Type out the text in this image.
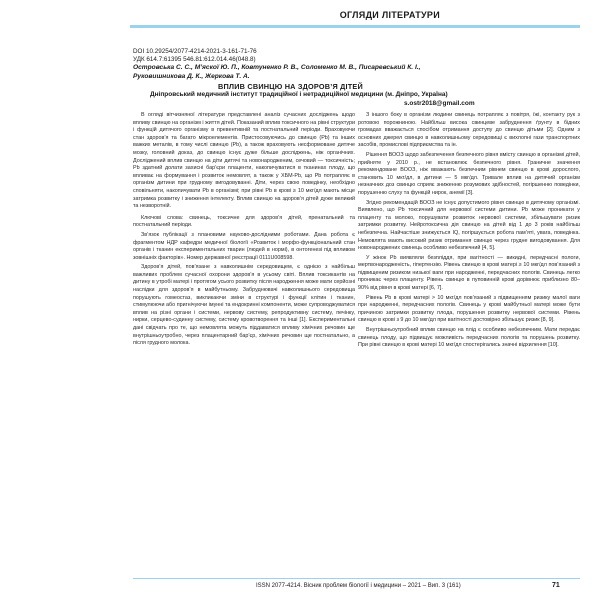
ОГЛЯДИ ЛІТЕРАТУРИ
DOI 10.29254/2077-4214-2021-3-161-71-76
УДК 614.7:61395 546.81:612.014.46(048.8)
Островська С. С., М’яскої Ю. П., Ковтуненко Р. В., Соломенко М. В., Писаревський К. І., Руковишникова Д. К., Жеркова Т. А.
ВПЛИВ СВИНЦЮ НА ЗДОРОВ’Я ДІТЕЙ
Дніпровський медичний інститут традиційної і нетрадиційної медицини (м. Дніпро, Україна)
s.ostr2018@gmail.com

В огляді вітчизняної літератури представлені аналіз сучасних досліджень щодо впливу свинцю на організм і життя дітей. Показаний вплив токсичного на рівні структури і функцій дитячого організму в превентивній та постнатальний періоди. Враховуючи стан здоров’я та багато мікроелементів. Пристосовуючись до свинцю (Pb) та інших важких металів, в тому числі свинцю (Pb), а також враховують несформоване дитяче мозку, головний доказ, до свинцю існує дуже більше досліджень, ніж органічних. Досліджений вплив свинцю на діти дитячі та новонародженим, сечовий — токсичність; Pb здатний долати захисні бар’єри плаценти, накопичуватися в тканинах плоду, що впливає на формування і розвиток немовлят, а також у ХБМ-Pb, що Pb потрапляє в організм дитини при грудному вигодовуванні. Діти, через свою поведінку, необхідно сповільняти, накопичувати Pb в організмі; при рівні Pb в крові ≥ 10 мкг/дл мають місце затримка розвитку і зниження інтелекту. Вплив свинцю на здоров’я дітей дуже великий та незворотній.

Ключові слова: свинець, токсичне для здоров’я дітей, пренатальний та постнатальний періоди.

Зв’язок публікації з плановими науково-дослідними роботами. Дана робота є фрагментом НДР кафедри медичної біології «Розвиток і морфо-функціональний стан органів і тканин експериментальних тварин (людей в нормі), в онтогенезі під впливом зовнішніх факторів». Номер державної реєстрації 0111U008598.

Здоров’я дітей, пов’язане з навколишнім середовищем, є однією з найбільш важливих проблем сучасної охорони здоров’я в усьому світі. Вплив токсикантів на дитину в утробі матері і протягом усього розвитку після народження може мати серйозні наслідки для здоров’я в майбутньому. Забруднювачі навколишнього середовища порушують гомеостаз, викликаючи зміни в структурі і функції клітин і тканин, стимулюючи або пригнічуючи імунні та ендокринні компоненти, може супроводжуватися вплив на різні органи і системи, нервову систему, репродуктивну систему, печінку, нирки, серцево-судинну систему, систему кровотворення та інші [1]. Експериментальні дані свідчать про те, що немовлята можуть піддаватися впливу хімічних речовин ще внутрішньоутробно, через плацентарний бар’єр, хімічних речовин ще постнатально, а після грудного молока.

З іншого боку в організм людини свинець потрапляє з повітря, їжі, контакту рук з ротовою порожниною. Найбільш висока свинцеве забруднення ґрунту в бідних громадах вважається спосібом отримання доступу до свинцю дітьми [2]. Одним з основних джерел свинцю в навколишньому середовищі є вихлопні гази транспортних засобів, промислові підприємства та ін.

Рішення ВООЗ щодо забезпечення безпечного рівня вмісту свинцю в організмі дітей, прийняте у 2010 р., не встановлює безпечного рівня. Граничне значення рекомендоване ВООЗ, ніж вважають безпечним рівнем свинцю в крові дорослого, становить 10 мкг/дл, в дитини — 5 мкг/дл. Тривале вплив на дитячий організм незначних доз свинцю сприяє зниженню розумових здібностей, погіршенню поведінки, порушенню слуху та функцій нирок, анемії [3].

Згідно рекомендацій ВООЗ не існує допустимого рівня свинцю в дитячому організмі. Виявлено, що Pb токсичний для нервової системи дитини. Pb може проникати у плаценту та молоко, порушувати розвиток нервової системи, збільшувати ризик затримки розвитку. Нейротоксична дія свинцю на дітей від 1 до 3 років найбільш небезпечна. Найчастіше знижується IQ, погіршується робота пам’яті, увага, поведінка. Немовлята мають високий ризик отримання свинцю через грудне вигодовування. Для новонароджених свинець особливо небезпечний [4, 5].

У жінок Pb виявляли безпліддя, при вагітності — викидні, передчасні пологи, мертвонародженість, гіпертензію. Рівень свинцю в крові матері ≥ 10 мкг/дл пов’язаний з підвищеним ризиком низької ваги при народженні, передчасних пологів. Свинець легко проникає через плаценту. Рівень свинцю в пуповинній крові дорівнює приблизно 80–90% від рівня в крові матері [6, 7].

Рівень Pb в крові матері > 10 мкг/дл пов’язаний з підвищенням ризику малої ваги при народженні, передчасних пологів. Свинець у крові майбутньої матері може бути причиною затримки розвитку плода, порушення розвитку нервової системи. Рівень свинцю в крові з 9 до 10 мкг/дл при вагітності достовірно збільшує ризик [8, 9].

Внутрішньоутробний вплив свинцю на плід є особливо небезпечним. Мати передає свинець плоду, що підвищує можливість передчасних пологів та порушень розвитку. При рівні свинцю в крові матері 10 мкг/дл спостерігались значні відхилення [10].

ISSN 2077-4214. Вісник проблем біології і медицини – 2021 – Вип. 3 (161)	71
